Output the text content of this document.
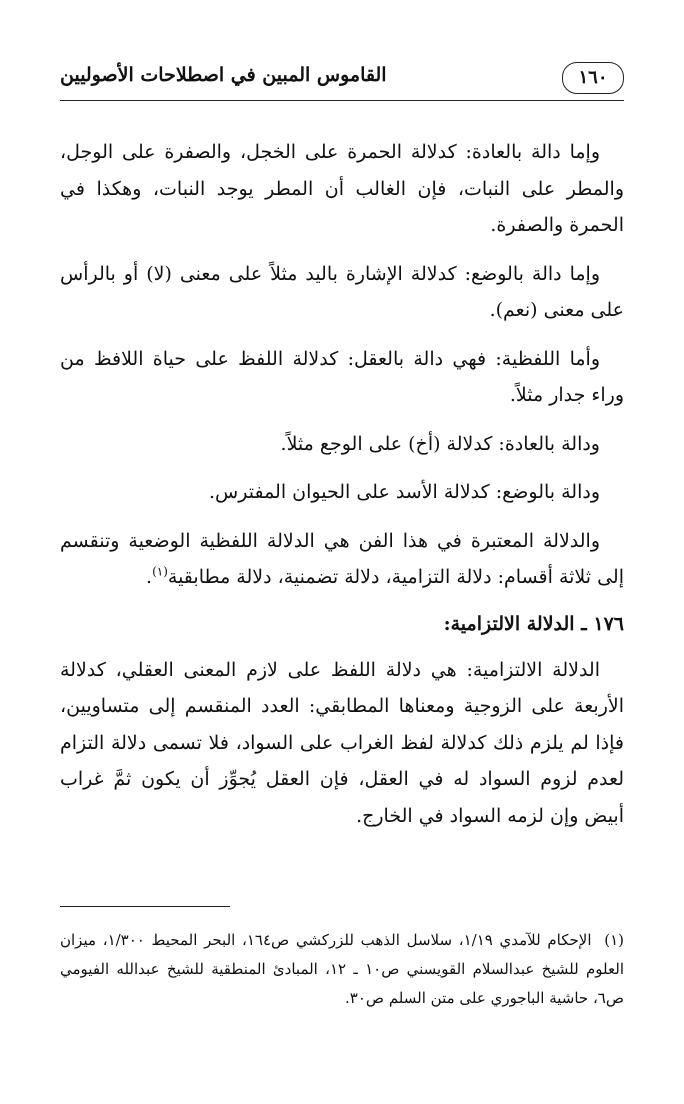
١٦٠
القاموس المبين في اصطلاحات الأصوليين

وإما دالة بالعادة: كدلالة الحمرة على الخجل، والصفرة على الوجل، والمطر على النبات، فإن الغالب أن المطر يوجد النبات، وهكذا في الحمرة والصفرة.

وإما دالة بالوضع: كدلالة الإشارة باليد مثلاً على معنى (لا) أو بالرأس على معنى (نعم).

وأما اللفظية: فهي دالة بالعقل: كدلالة اللفظ على حياة اللافظ من وراء جدار مثلاً.

ودالة بالعادة: كدلالة (أخ) على الوجع مثلاً.

ودالة بالوضع: كدلالة الأسد على الحيوان المفترس.

والدلالة المعتبرة في هذا الفن هي الدلالة اللفظية الوضعية وتنقسم إلى ثلاثة أقسام: دلالة التزامية، دلالة تضمنية، دلالة مطابقية$^{(١)}$.

١٧٦ ـ الدلالة الالتزامية:

الدلالة الالتزامية: هي دلالة اللفظ على لازم المعنى العقلي، كدلالة الأربعة على الزوجية ومعناها المطابقي: العدد المنقسم إلى متساويين، فإذا لم يلزم ذلك كدلالة لفظ الغراب على السواد، فلا تسمى دلالة التزام لعدم لزوم السواد له في العقل، فإن العقل يُجوِّز أن يكون ثمَّ غراب أبيض وإن لزمه السواد في الخارج.

(١) الإحكام للآمدي ١/١٩، سلاسل الذهب للزركشي ص١٦٤، البحر المحيط ١/٣٠٠، ميزان العلوم للشيخ عبدالسلام القويسني ص١٠ ـ ١٢، المبادئ المنطقية للشيخ عبدالله الفيومي ص٦، حاشية الباجوري على متن السلم ص٣٠.
